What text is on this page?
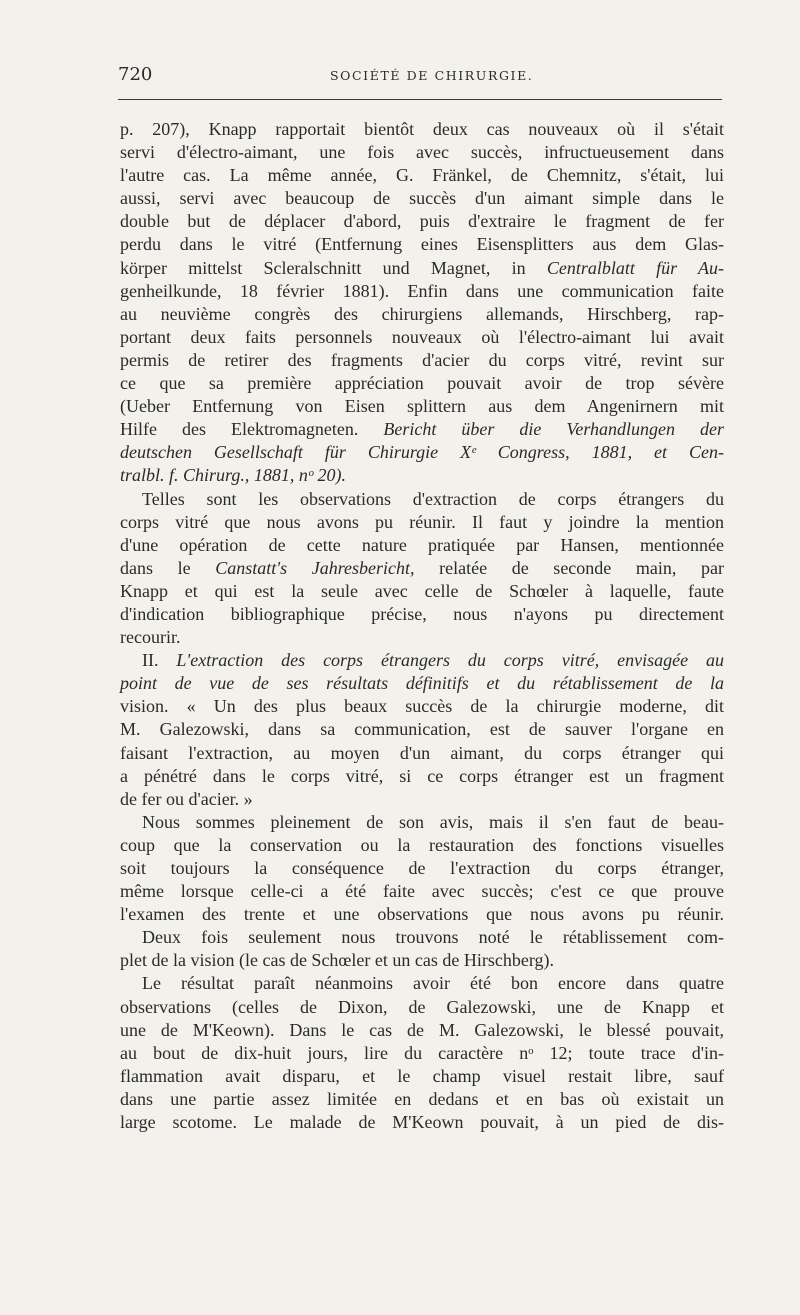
720	SOCIÉTÉ DE CHIRURGIE.
p. 207), Knapp rapportait bientôt deux cas nouveaux où il s'était
servi d'électro-aimant, une fois avec succès, infructueusement dans
l'autre cas. La même année, G. Fränkel, de Chemnitz, s'était, lui
aussi, servi avec beaucoup de succès d'un aimant simple dans le
double but de déplacer d'abord, puis d'extraire le fragment de fer
perdu dans le vitré (Entfernung eines Eisensplitters aus dem Glas-
körper mittelst Scleralschnitt und Magnet, in Centralblatt für Au-
genheilkunde, 18 février 1881). Enfin dans une communication faite
au neuvième congrès des chirurgiens allemands, Hirschberg, rap-
portant deux faits personnels nouveaux où l'électro-aimant lui avait
permis de retirer des fragments d'acier du corps vitré, revint sur
ce que sa première appréciation pouvait avoir de trop sévère
(Ueber Entfernung von Eisen splittern aus dem Angenirnern mit
Hilfe des Elektromagneten. Bericht über die Verhandlungen der
deutschen Gesellschaft für Chirurgie Xᵉ Congress, 1881, et Cen-
tralbl. f. Chirurg., 1881, nᵒ 20).
Telles sont les observations d'extraction de corps étrangers du
corps vitré que nous avons pu réunir. Il faut y joindre la mention
d'une opération de cette nature pratiquée par Hansen, mentionnée
dans le Canstatt's Jahresbericht, relatée de seconde main, par
Knapp et qui est la seule avec celle de Schœler à laquelle, faute
d'indication bibliographique précise, nous n'ayons pu directement
recourir.
II. L'extraction des corps étrangers du corps vitré, envisagée au
point de vue de ses résultats définitifs et du rétablissement de la
vision. « Un des plus beaux succès de la chirurgie moderne, dit
M. Galezowski, dans sa communication, est de sauver l'organe en
faisant l'extraction, au moyen d'un aimant, du corps étranger qui
a pénétré dans le corps vitré, si ce corps étranger est un fragment
de fer ou d'acier. »
Nous sommes pleinement de son avis, mais il s'en faut de beau-
coup que la conservation ou la restauration des fonctions visuelles
soit toujours la conséquence de l'extraction du corps étranger,
même lorsque celle-ci a été faite avec succès; c'est ce que prouve
l'examen des trente et une observations que nous avons pu réunir.
Deux fois seulement nous trouvons noté le rétablissement com-
plet de la vision (le cas de Schœler et un cas de Hirschberg).
Le résultat paraît néanmoins avoir été bon encore dans quatre
observations (celles de Dixon, de Galezowski, une de Knapp et
une de M'Keown). Dans le cas de M. Galezowski, le blessé pouvait,
au bout de dix-huit jours, lire du caractère nᵒ 12; toute trace d'in-
flammation avait disparu, et le champ visuel restait libre, sauf
dans une partie assez limitée en dedans et en bas où existait un
large scotome. Le malade de M'Keown pouvait, à un pied de dis-
